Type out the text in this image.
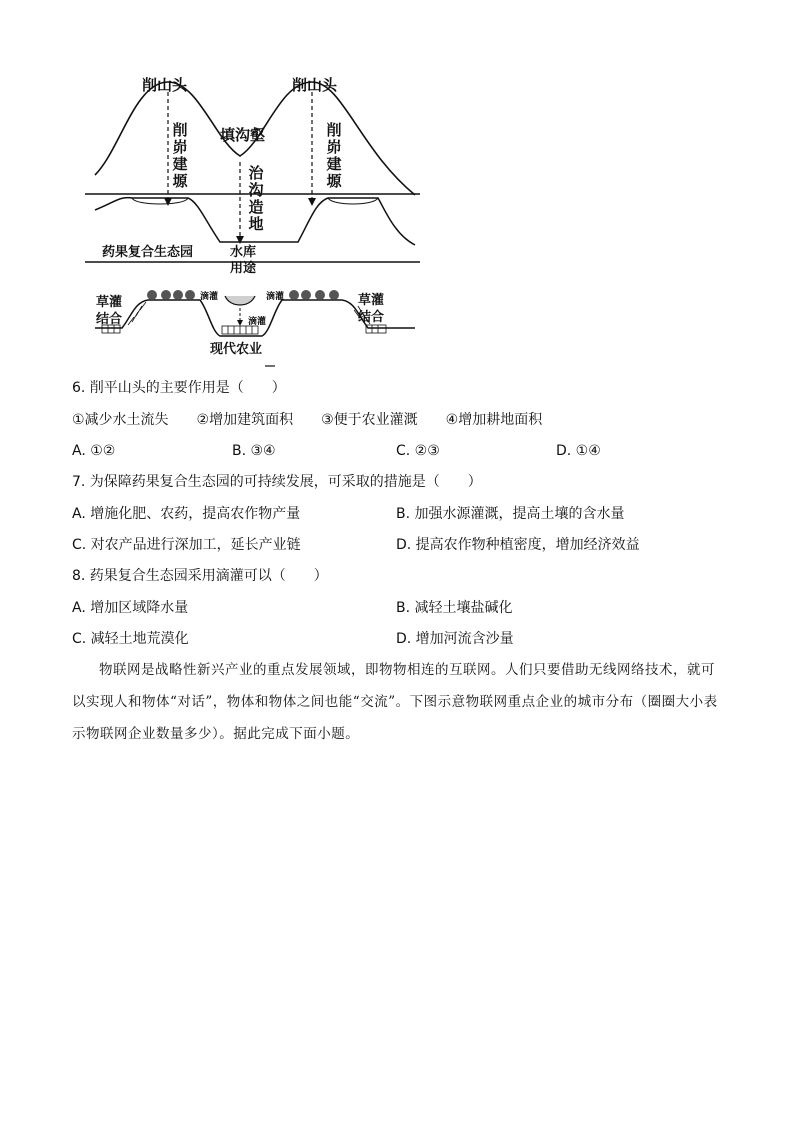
削山头	削山头
填沟壑
削峁建塬
削峁建塬
治沟造地
药果复合生态园	水库用途
草灌结合
草灌结合
滴灌	滴灌
滴灌
现代农业
6. 削平山头的主要作用是（　　）
①减少水土流失　　②增加建筑面积　　③便于农业灌溉　　④增加耕地面积
A. ①②	B. ③④	C. ②③	D. ①④
7. 为保障药果复合生态园的可持续发展，可采取的措施是（　　）
A. 增施化肥、农药，提高农作物产量	B. 加强水源灌溉，提高土壤的含水量
C. 对农产品进行深加工，延长产业链	D. 提高农作物种植密度，增加经济效益
8. 药果复合生态园采用滴灌可以（　　）
A. 增加区域降水量	B. 减轻土壤盐碱化
C. 减轻土地荒漠化	D. 增加河流含沙量

物联网是战略性新兴产业的重点发展领域，即物物相连的互联网。人们只要借助无线网络技术，就可以实现人和物体“对话”，物体和物体之间也能“交流”。下图示意物联网重点企业的城市分布（圈圈大小表示物联网企业数量多少）。据此完成下面小题。
